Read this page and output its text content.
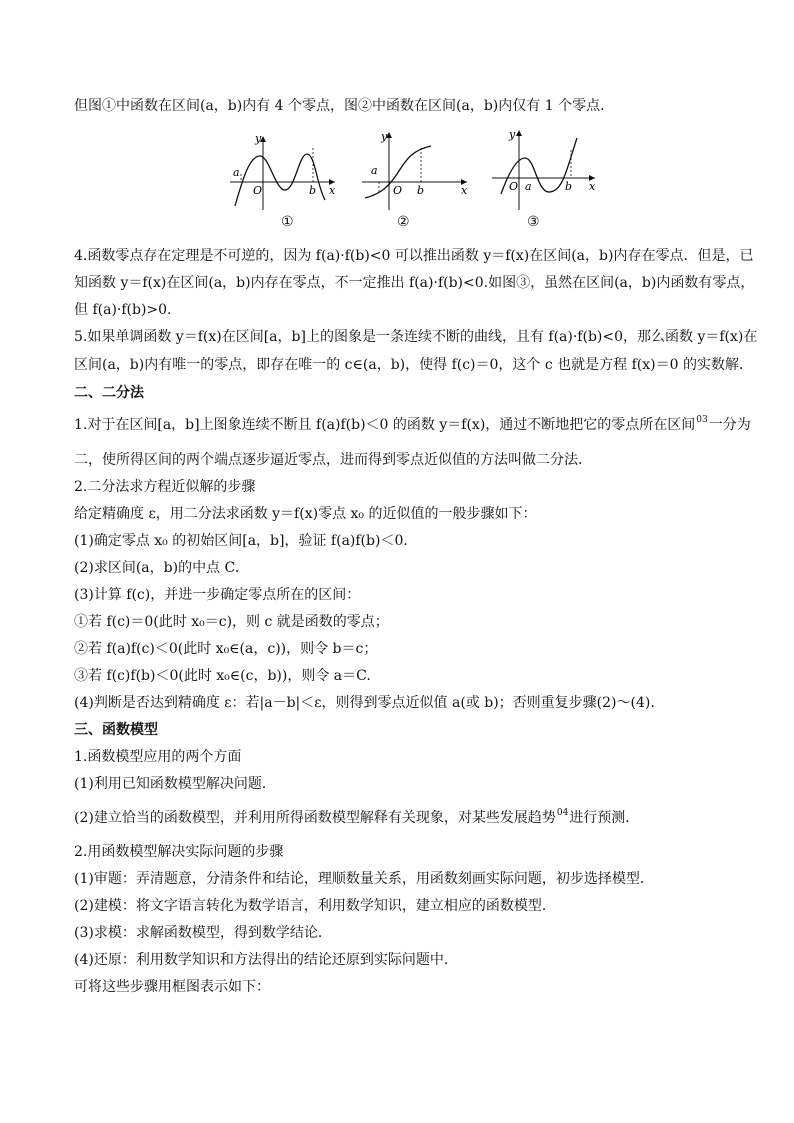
但图①中函数在区间(a，b)内有 4 个零点，图②中函数在区间(a，b)内仅有 1 个零点．
y
x
O
a
b
y
x
O
a
b
y
x
O a	b
①	②	③
4.函数零点存在定理是不可逆的，因为 f(a)·f(b)<0 可以推出函数 y＝f(x)在区间(a，b)内存在零点．但是，已
知函数 y＝f(x)在区间(a，b)内存在零点，不一定推出 f(a)·f(b)<0.如图③，虽然在区间(a，b)内函数有零点，
但 f(a)·f(b)>0.
5.如果单调函数 y＝f(x)在区间[a，b]上的图象是一条连续不断的曲线，且有 f(a)·f(b)<0，那么函数 y＝f(x)在
区间(a，b)内有唯一的零点，即存在唯一的 c∈(a，b)，使得 f(c)＝0，这个 c 也就是方程 f(x)＝0 的实数解．
二、二分法
1.对于在区间[a，b]上图象连续不断且 f(a)f(b)＜0 的函数 y＝f(x)，通过不断地把它的零点所在区间$^{03}$一分为
二，使所得区间的两个端点逐步逼近零点，进而得到零点近似值的方法叫做二分法．
2.二分法求方程近似解的步骤
给定精确度 ε，用二分法求函数 y＝f(x)零点 x₀ 的近似值的一般步骤如下：
(1)确定零点 x₀ 的初始区间[a，b]，验证 f(a)f(b)＜0.
(2)求区间(a，b)的中点 C.
(3)计算 f(c)，并进一步确定零点所在的区间：
①若 f(c)＝0(此时 x₀＝c)，则 c 就是函数的零点；
②若 f(a)f(c)＜0(此时 x₀∈(a，c))，则令 b＝c；
③若 f(c)f(b)＜0(此时 x₀∈(c，b))，则令 a＝C.
(4)判断是否达到精确度 ε：若|a－b|＜ε，则得到零点近似值 a(或 b)；否则重复步骤(2)～(4).
三、函数模型
1.函数模型应用的两个方面
(1)利用已知函数模型解决问题．
(2)建立恰当的函数模型，并利用所得函数模型解释有关现象，对某些发展趋势$^{04}$进行预测．
2.用函数模型解决实际问题的步骤
(1)审题：弄清题意，分清条件和结论，理顺数量关系，用函数刻画实际问题，初步选择模型．
(2)建模：将文字语言转化为数学语言，利用数学知识，建立相应的函数模型．
(3)求模：求解函数模型，得到数学结论．
(4)还原：利用数学知识和方法得出的结论还原到实际问题中．
可将这些步骤用框图表示如下：
